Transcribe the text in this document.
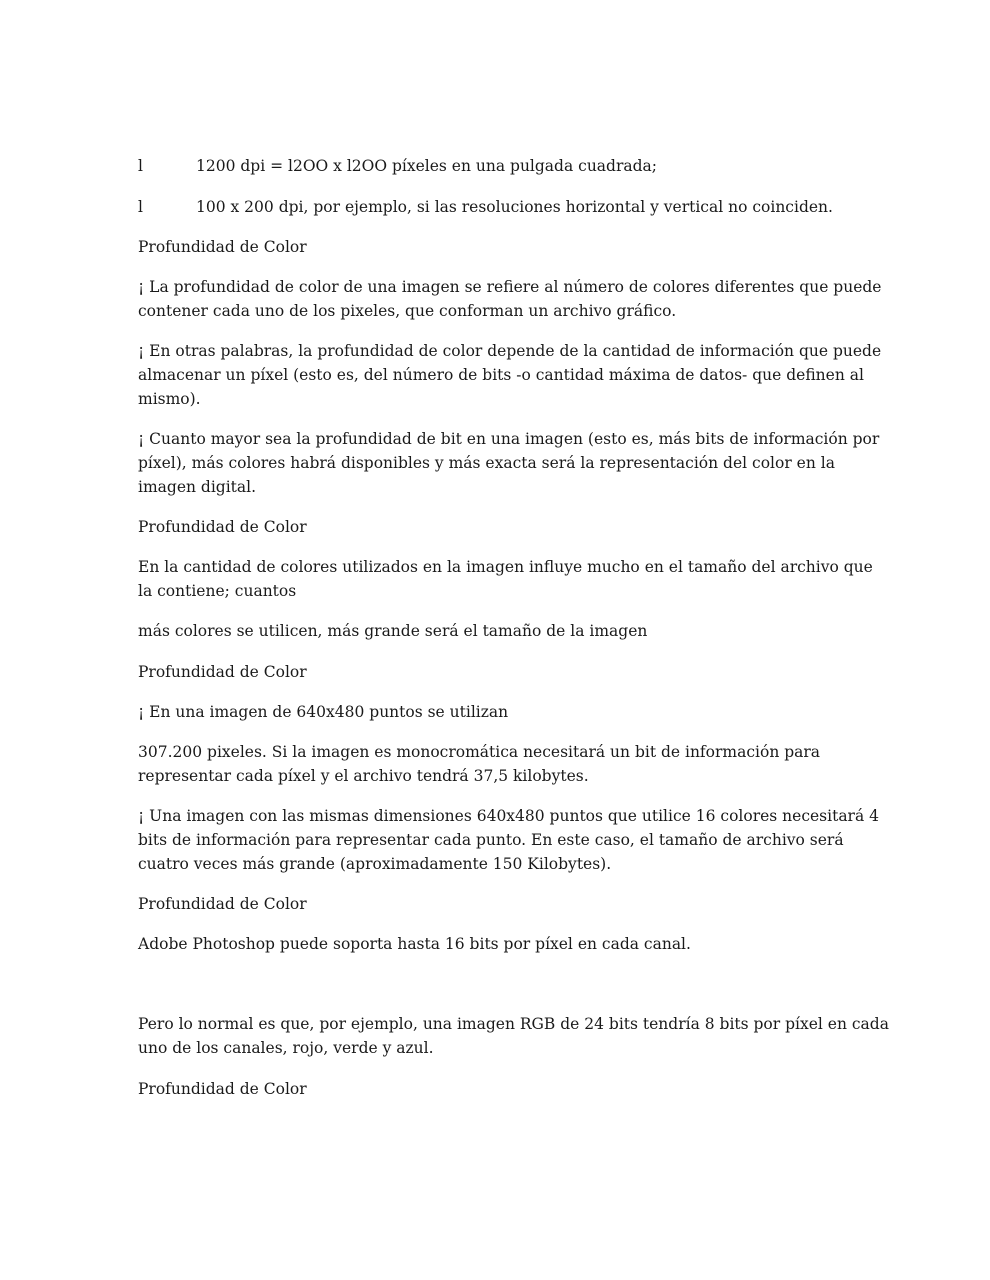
l	1200 dpi = l2OO x l2OO píxeles en una pulgada cuadrada;
l	100 x 200 dpi, por ejemplo, si las resoluciones horizontal y vertical no coinciden.
Profundidad de Color
¡ La profundidad de color de una imagen se refiere al número de colores diferentes que puede
contener cada uno de los pixeles, que conforman un archivo gráfico.
¡ En otras palabras, la profundidad de color depende de la cantidad de información que puede
almacenar un píxel (esto es, del número de bits -o cantidad máxima de datos- que definen al
mismo).
¡ Cuanto mayor sea la profundidad de bit en una imagen (esto es, más bits de información por
píxel), más colores habrá disponibles y más exacta será la representación del color en la
imagen digital.
Profundidad de Color
En la cantidad de colores utilizados en la imagen influye mucho en el tamaño del archivo que
la contiene; cuantos
más colores se utilicen, más grande será el tamaño de la imagen
Profundidad de Color
¡ En una imagen de 640x480 puntos se utilizan
307.200 pixeles. Si la imagen es monocromática necesitará un bit de información para
representar cada píxel y el archivo tendrá 37,5 kilobytes.
¡ Una imagen con las mismas dimensiones 640x480 puntos que utilice 16 colores necesitará 4
bits de información para representar cada punto. En este caso, el tamaño de archivo será
cuatro veces más grande (aproximadamente 150 Kilobytes).
Profundidad de Color
Adobe Photoshop puede soporta hasta 16 bits por píxel en cada canal.
Pero lo normal es que, por ejemplo, una imagen RGB de 24 bits tendría 8 bits por píxel en cada
uno de los canales, rojo, verde y azul.
Profundidad de Color
